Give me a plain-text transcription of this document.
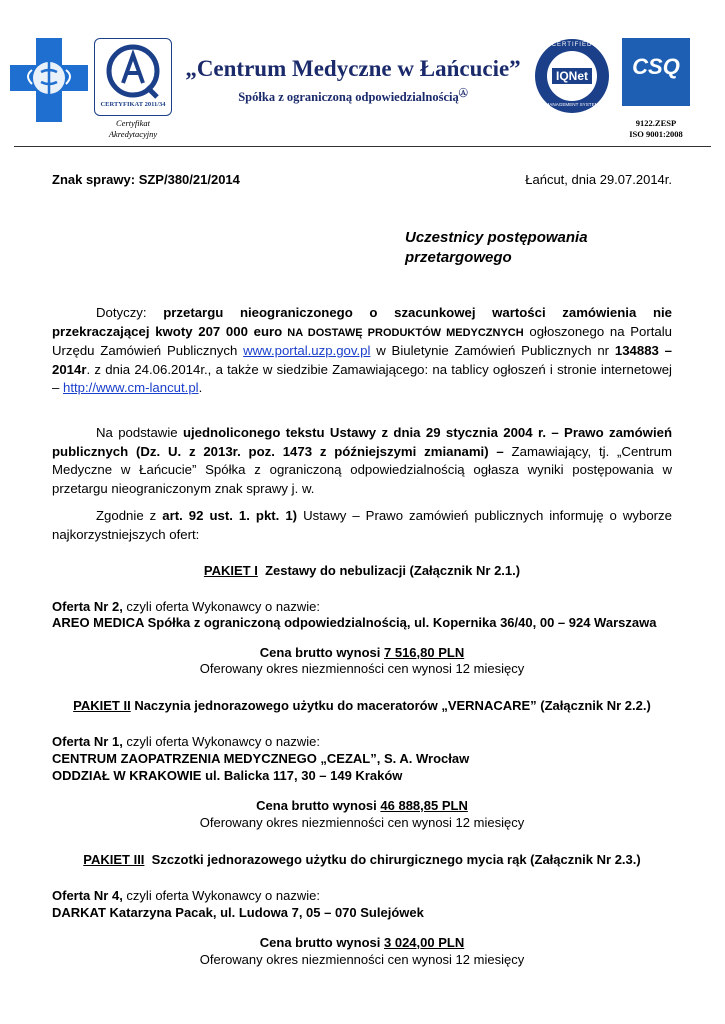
CERTYFIKAT 2011/34
Certyfikat
Akredytacyjny
„Centrum Medyczne w Łańcucie”
Spółka z ograniczoną odpowiedzialnościąⒶ
CERTIFIED
IQNet
MANAGEMENT SYSTEM
CSQ
9122.ZESP
ISO 9001:2008
Znak sprawy: SZP/380/21/2014	Łańcut, dnia 29.07.2014r.
Uczestnicy postępowania
przetargowego
Dotyczy: przetargu nieograniczonego o szacunkowej wartości zamówienia nie przekraczającej kwoty 207 000 euro NA DOSTAWĘ PRODUKTÓW MEDYCZNYCH ogłoszonego na Portalu Urzędu Zamówień Publicznych www.portal.uzp.gov.pl w Biuletynie Zamówień Publicznych nr 134883 – 2014r. z dnia 24.06.2014r., a także w siedzibie Zamawiającego: na tablicy ogłoszeń i stronie internetowej – http://www.cm-lancut.pl.
Na podstawie ujednoliconego tekstu Ustawy z dnia 29 stycznia 2004 r. – Prawo zamówień publicznych (Dz. U. z 2013r. poz. 1473 z późniejszymi zmianami) – Zamawiający, tj. „Centrum Medyczne w Łańcucie” Spółka z ograniczoną odpowiedzialnością ogłasza wyniki postępowania w przetargu nieograniczonym znak sprawy j. w.
Zgodnie z art. 92 ust. 1. pkt. 1) Ustawy – Prawo zamówień publicznych informuję o wyborze najkorzystniejszych ofert:
PAKIET I  Zestawy do nebulizacji (Załącznik Nr 2.1.)
Oferta Nr 2, czyli oferta Wykonawcy o nazwie:
AREO MEDICA Spółka z ograniczoną odpowiedzialnością, ul. Kopernika 36/40, 00 – 924 Warszawa
Cena brutto wynosi 7 516,80 PLN
Oferowany okres niezmienności cen wynosi 12 miesięcy
PAKIET II Naczynia jednorazowego użytku do maceratorów „VERNACARE” (Załącznik Nr 2.2.)
Oferta Nr 1, czyli oferta Wykonawcy o nazwie:
CENTRUM ZAOPATRZENIA MEDYCZNEGO „CEZAL”, S. A. Wrocław
ODDZIAŁ W KRAKOWIE ul. Balicka 117, 30 – 149 Kraków
Cena brutto wynosi 46 888,85 PLN
Oferowany okres niezmienności cen wynosi 12 miesięcy
PAKIET III  Szczotki jednorazowego użytku do chirurgicznego mycia rąk (Załącznik Nr 2.3.)
Oferta Nr 4, czyli oferta Wykonawcy o nazwie:
DARKAT Katarzyna Pacak, ul. Ludowa 7, 05 – 070 Sulejówek
Cena brutto wynosi 3 024,00 PLN
Oferowany okres niezmienności cen wynosi 12 miesięcy
